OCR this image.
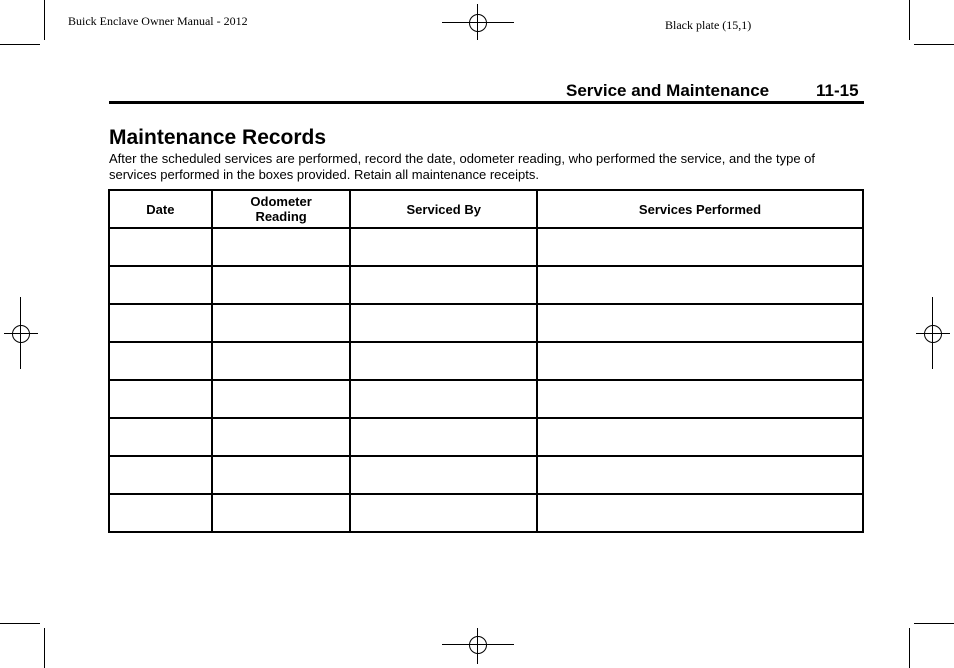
Buick Enclave Owner Manual - 2012	Black plate (15,1)
Service and Maintenance	11-15
Maintenance Records
After the scheduled services are performed, record the date, odometer reading, who performed the service, and the type of services performed in the boxes provided. Retain all maintenance receipts.
Date	Odometer Reading	Serviced By	Services Performed
